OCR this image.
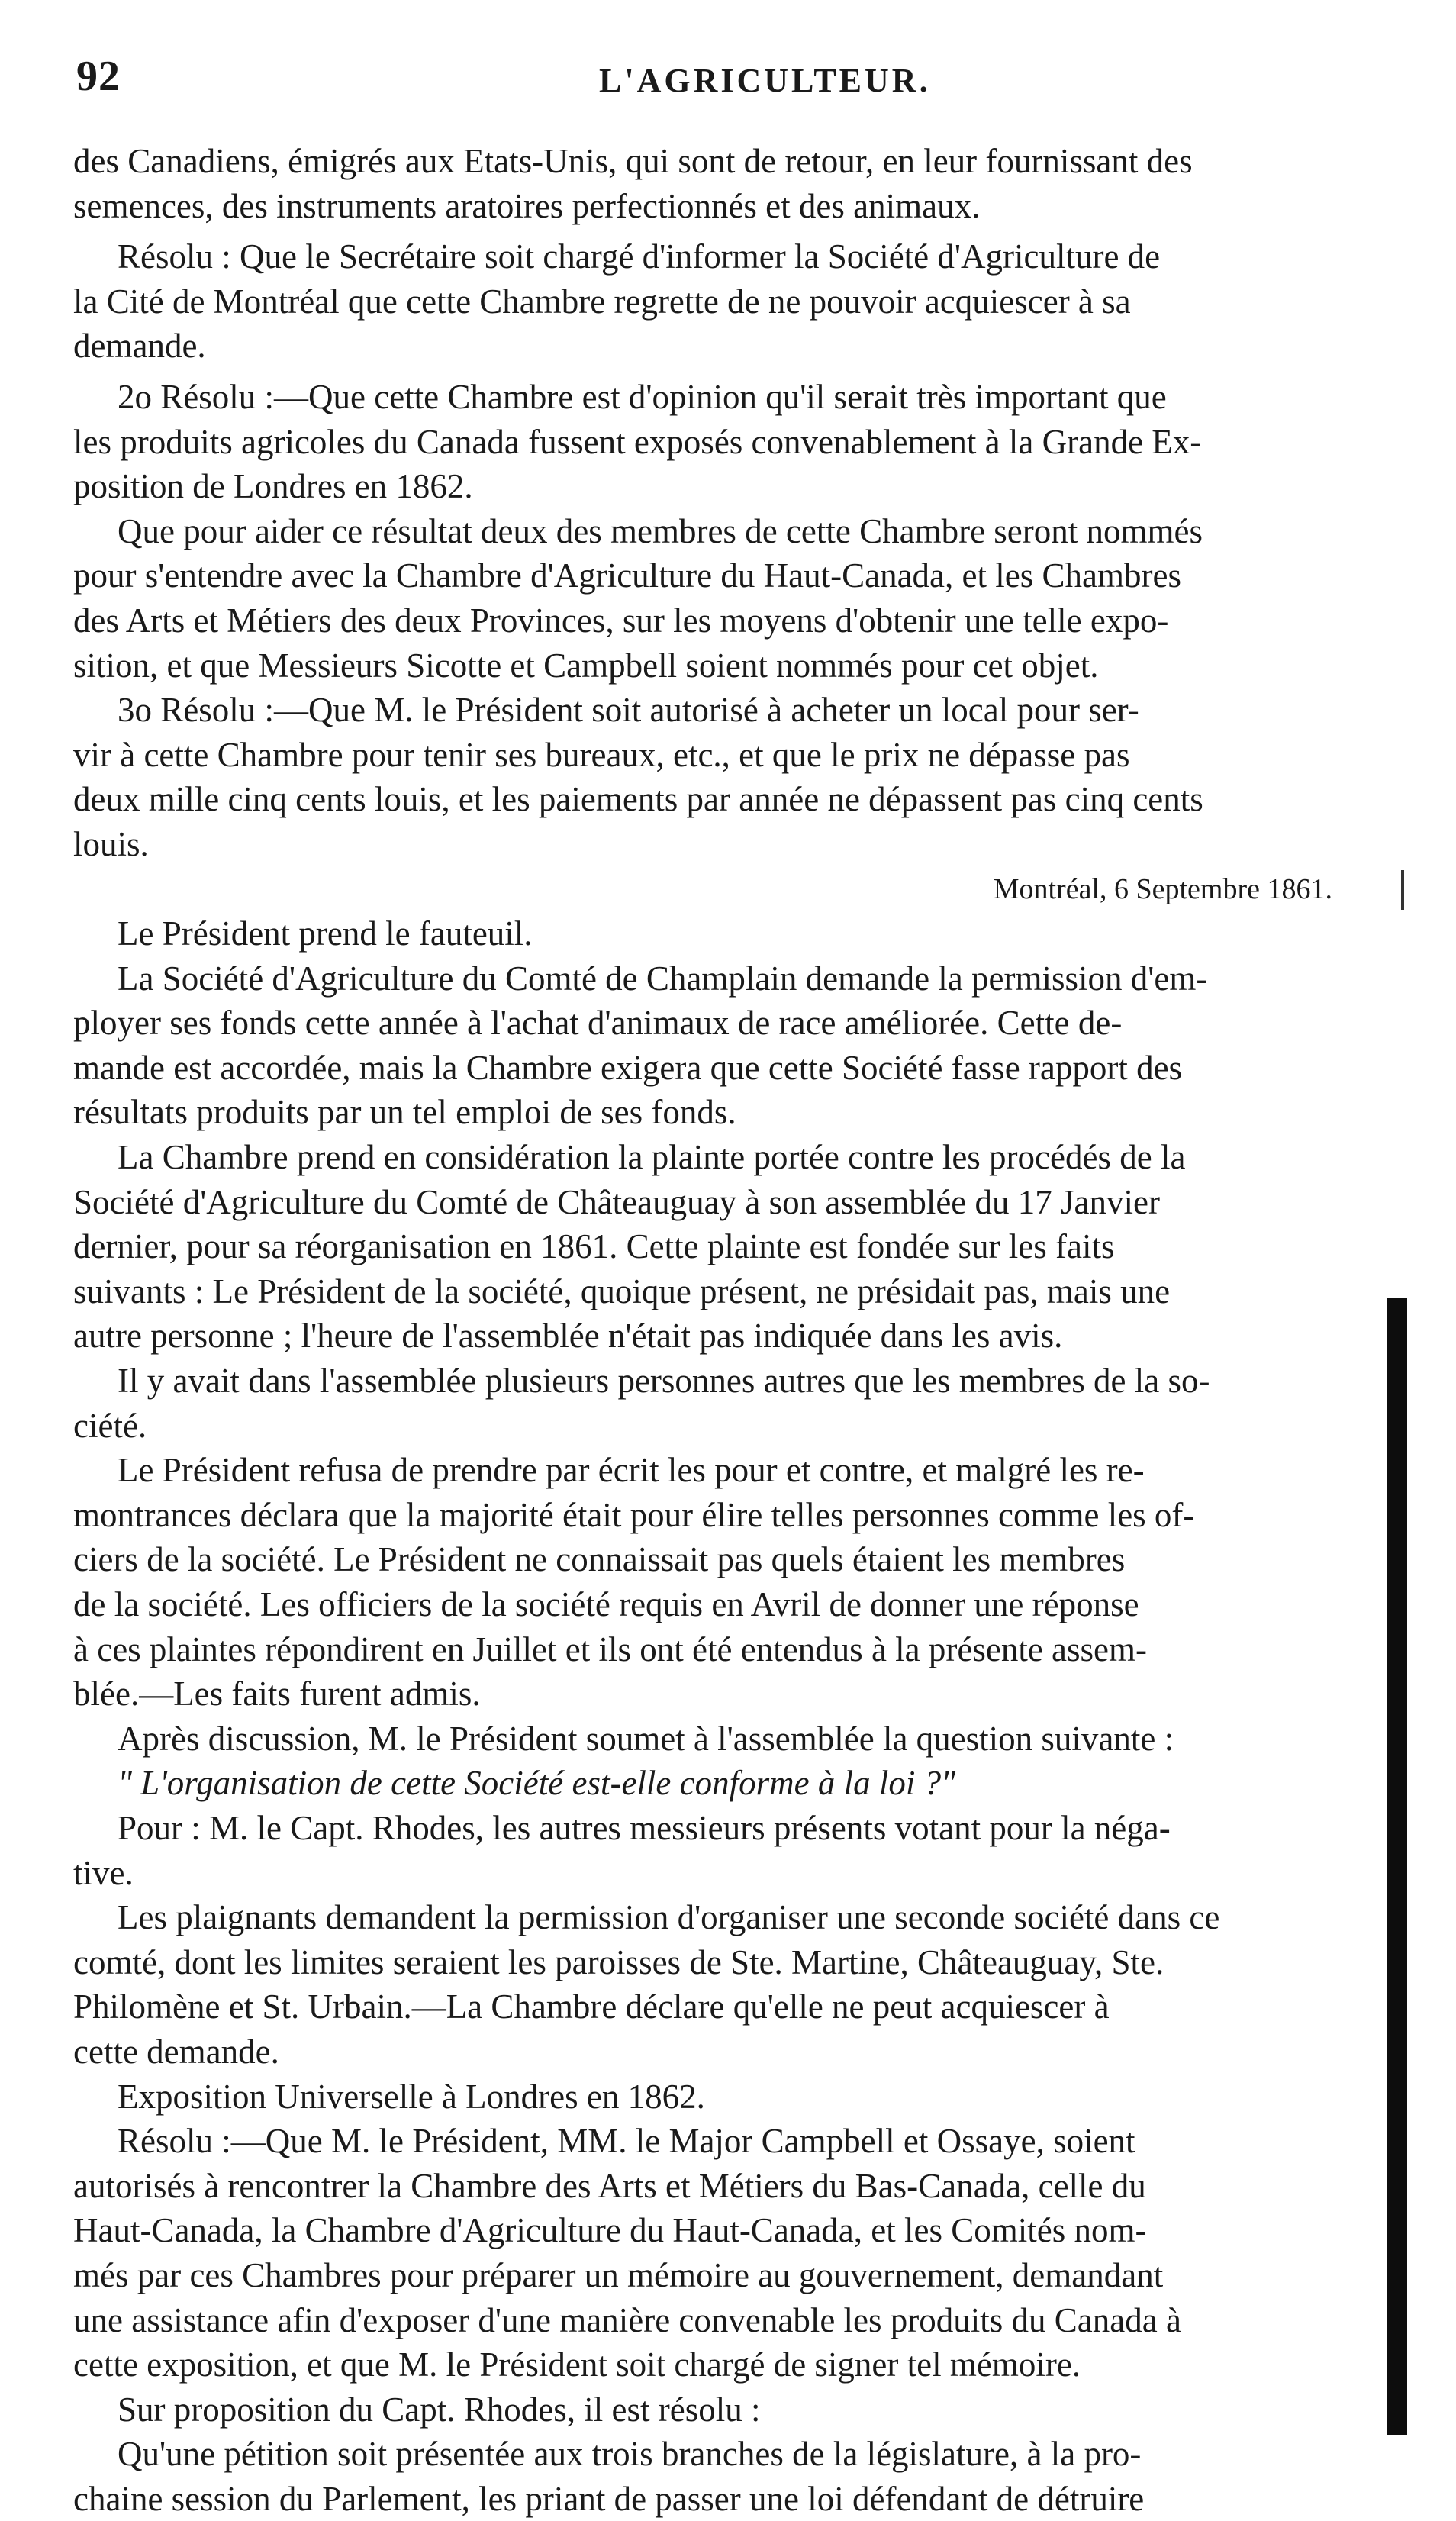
92	L'AGRICULTEUR.
des Canadiens, émigrés aux Etats-Unis, qui sont de retour, en leur fournissant des
semences, des instruments aratoires perfectionnés et des animaux.
Résolu : Que le Secrétaire soit chargé d'informer la Société d'Agriculture de
la Cité de Montréal que cette Chambre regrette de ne pouvoir acquiescer à sa
demande.
2o Résolu :—Que cette Chambre est d'opinion qu'il serait très important que
les produits agricoles du Canada fussent exposés convenablement à la Grande Ex-
position de Londres en 1862.
Que pour aider ce résultat deux des membres de cette Chambre seront nommés
pour s'entendre avec la Chambre d'Agriculture du Haut-Canada, et les Chambres
des Arts et Métiers des deux Provinces, sur les moyens d'obtenir une telle expo-
sition, et que Messieurs Sicotte et Campbell soient nommés pour cet objet.
3o Résolu :—Que M. le Président soit autorisé à acheter un local pour ser-
vir à cette Chambre pour tenir ses bureaux, etc., et que le prix ne dépasse pas
deux mille cinq cents louis, et les paiements par année ne dépassent pas cinq cents
louis.
Montréal, 6 Septembre 1861.
Le Président prend le fauteuil.
La Société d'Agriculture du Comté de Champlain demande la permission d'em-
ployer ses fonds cette année à l'achat d'animaux de race améliorée. Cette de-
mande est accordée, mais la Chambre exigera que cette Société fasse rapport des
résultats produits par un tel emploi de ses fonds.
La Chambre prend en considération la plainte portée contre les procédés de la
Société d'Agriculture du Comté de Châteauguay à son assemblée du 17 Janvier
dernier, pour sa réorganisation en 1861. Cette plainte est fondée sur les faits
suivants : Le Président de la société, quoique présent, ne présidait pas, mais une
autre personne ; l'heure de l'assemblée n'était pas indiquée dans les avis.
Il y avait dans l'assemblée plusieurs personnes autres que les membres de la so-
ciété.
Le Président refusa de prendre par écrit les pour et contre, et malgré les re-
montrances déclara que la majorité était pour élire telles personnes comme les of-
ciers de la société. Le Président ne connaissait pas quels étaient les membres
de la société. Les officiers de la société requis en Avril de donner une réponse
à ces plaintes répondirent en Juillet et ils ont été entendus à la présente assem-
blée.—Les faits furent admis.
Après discussion, M. le Président soumet à l'assemblée la question suivante :
" L'organisation de cette Société est-elle conforme à la loi ?"
Pour : M. le Capt. Rhodes, les autres messieurs présents votant pour la néga-
tive.
Les plaignants demandent la permission d'organiser une seconde société dans ce
comté, dont les limites seraient les paroisses de Ste. Martine, Châteauguay, Ste.
Philomène et St. Urbain.—La Chambre déclare qu'elle ne peut acquiescer à
cette demande.
Exposition Universelle à Londres en 1862.
Résolu :—Que M. le Président, MM. le Major Campbell et Ossaye, soient
autorisés à rencontrer la Chambre des Arts et Métiers du Bas-Canada, celle du
Haut-Canada, la Chambre d'Agriculture du Haut-Canada, et les Comités nom-
més par ces Chambres pour préparer un mémoire au gouvernement, demandant
une assistance afin d'exposer d'une manière convenable les produits du Canada à
cette exposition, et que M. le Président soit chargé de signer tel mémoire.
Sur proposition du Capt. Rhodes, il est résolu :
Qu'une pétition soit présentée aux trois branches de la législature, à la pro-
chaine session du Parlement, les priant de passer une loi défendant de détruire
